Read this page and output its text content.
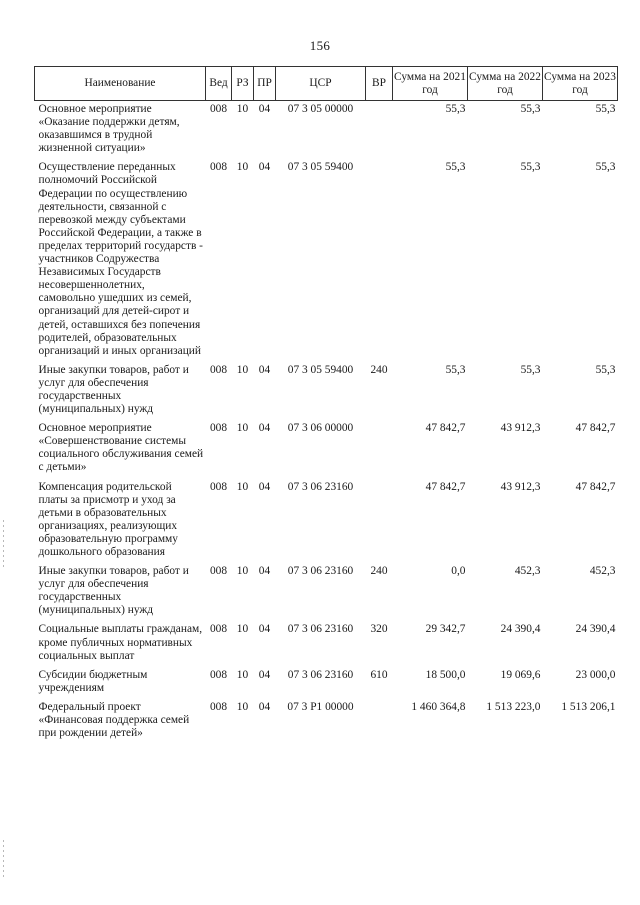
156
Наименование	Вед	РЗ	ПР	ЦСР	ВР	Сумма на 2021 год	Сумма на 2022 год	Сумма на 2023 год
Основное мероприятие «Оказание поддержки детям, оказавшимся в трудной жизненной ситуации»	008	10	04	07 3 05 00000		55,3	55,3	55,3
Осуществление переданных полномочий Российской Федерации по осуществлению деятельности, связанной с перевозкой между субъектами Российской Федерации, а также в пределах территорий государств - участников Содружества Независимых Государств несовершеннолетних, самовольно ушедших из семей, организаций для детей-сирот и детей, оставшихся без попечения родителей, образовательных организаций и иных организаций	008	10	04	07 3 05 59400		55,3	55,3	55,3
Иные закупки товаров, работ и услуг для обеспечения государственных (муниципальных) нужд	008	10	04	07 3 05 59400	240	55,3	55,3	55,3
Основное мероприятие «Совершенствование системы социального обслуживания семей с детьми»	008	10	04	07 3 06 00000		47 842,7	43 912,3	47 842,7
Компенсация родительской платы за присмотр и уход за детьми в образовательных организациях, реализующих образовательную программу дошкольного образования	008	10	04	07 3 06 23160		47 842,7	43 912,3	47 842,7
Иные закупки товаров, работ и услуг для обеспечения государственных (муниципальных) нужд	008	10	04	07 3 06 23160	240	0,0	452,3	452,3
Социальные выплаты гражданам, кроме публичных нормативных социальных выплат	008	10	04	07 3 06 23160	320	29 342,7	24 390,4	24 390,4
Субсидии бюджетным учреждениям	008	10	04	07 3 06 23160	610	18 500,0	19 069,6	23 000,0
Федеральный проект «Финансовая поддержка семей при рождении детей»	008	10	04	07 3 P1 00000		1 460 364,8	1 513 223,0	1 513 206,1
